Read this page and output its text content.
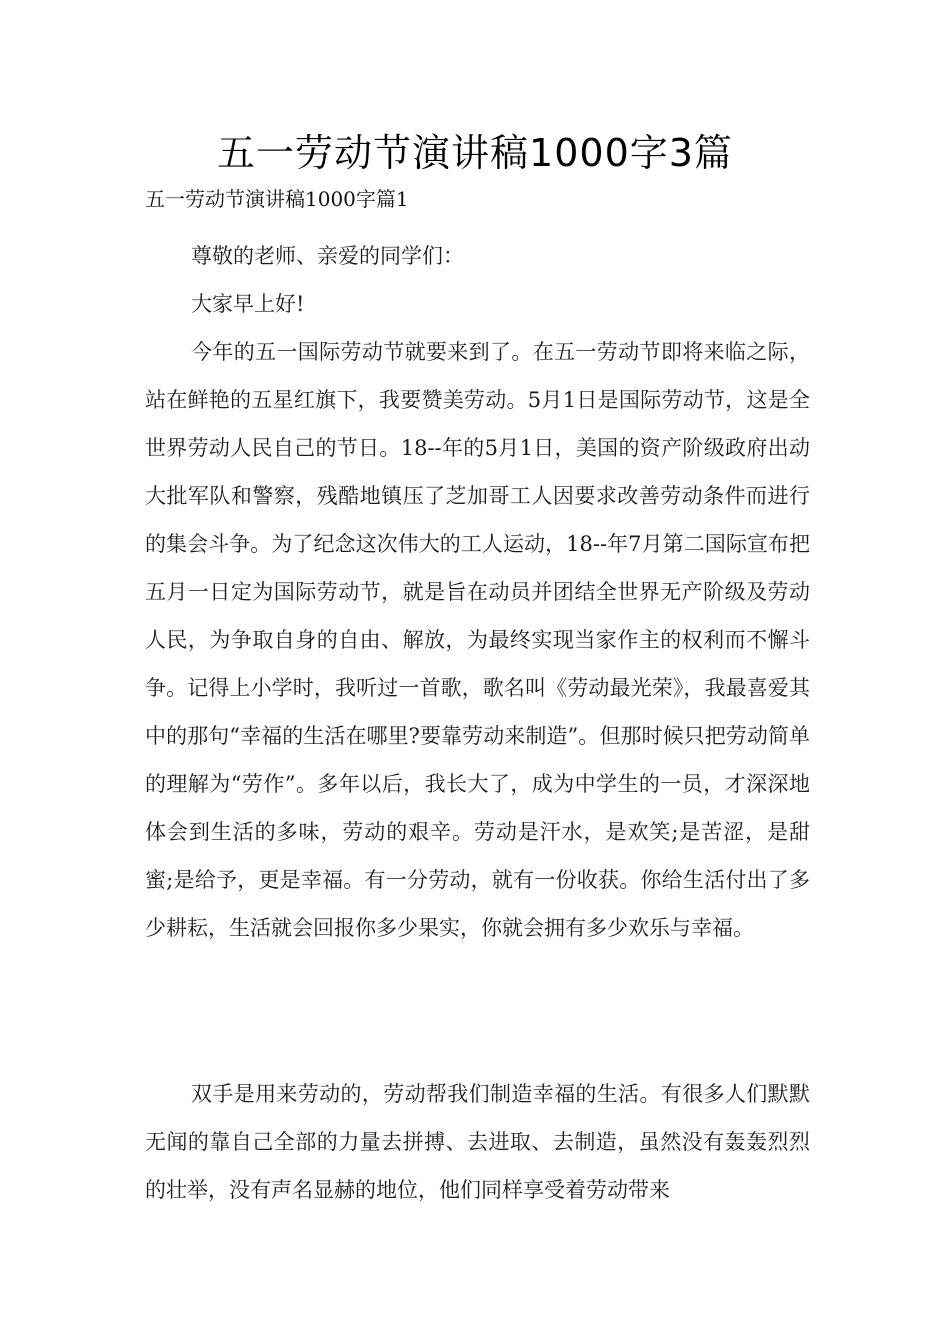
五一劳动节演讲稿1000字3篇

五一劳动节演讲稿1000字篇1

尊敬的老师、亲爱的同学们：

大家早上好!

今年的五一国际劳动节就要来到了。在五一劳动节即将来临之际，站在鲜艳的五星红旗下，我要赞美劳动。5月1日是国际劳动节，这是全世界劳动人民自己的节日。18--年的5月1日，美国的资产阶级政府出动大批军队和警察，残酷地镇压了芝加哥工人因要求改善劳动条件而进行的集会斗争。为了纪念这次伟大的工人运动，18--年7月第二国际宣布把五月一日定为国际劳动节，就是旨在动员并团结全世界无产阶级及劳动人民，为争取自身的自由、解放，为最终实现当家作主的权利而不懈斗争。记得上小学时，我听过一首歌，歌名叫《劳动最光荣》，我最喜爱其中的那句“幸福的生活在哪里?要靠劳动来制造”。但那时候只把劳动简单的理解为“劳作”。多年以后，我长大了，成为中学生的一员，才深深地体会到生活的多味，劳动的艰辛。劳动是汗水，是欢笑;是苦涩，是甜蜜;是给予，更是幸福。有一分劳动，就有一份收获。你给生活付出了多少耕耘，生活就会回报你多少果实，你就会拥有多少欢乐与幸福。

双手是用来劳动的，劳动帮我们制造幸福的生活。有很多人们默默无闻的靠自己全部的力量去拼搏、去进取、去制造，虽然没有轰轰烈烈的壮举，没有声名显赫的地位，他们同样享受着劳动带来
